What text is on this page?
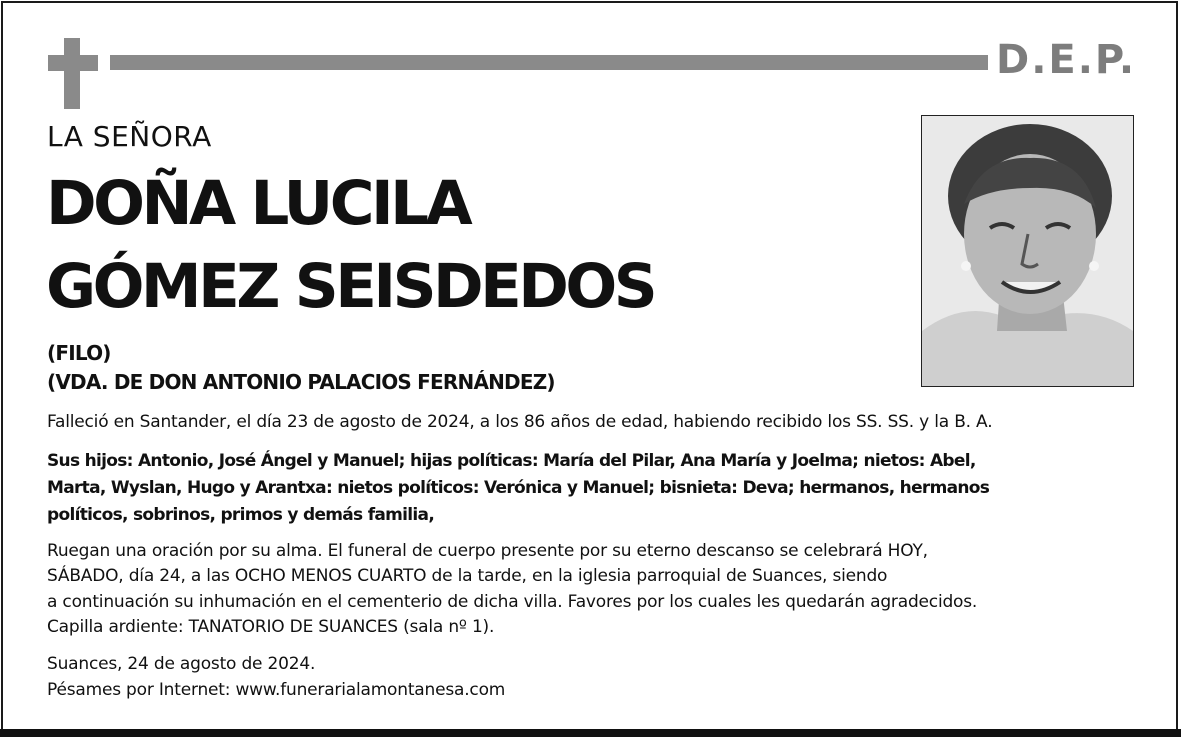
D.E.P.
LA SEÑORA
DOÑA LUCILA
GÓMEZ SEISDEDOS
(FILO)
(VDA. DE DON ANTONIO PALACIOS FERNÁNDEZ)
Falleció en Santander, el día 23 de agosto de 2024, a los 86 años de edad, habiendo recibido los SS. SS. y la B. A.
Sus hijos: Antonio, José Ángel y Manuel; hijas políticas: María del Pilar, Ana María y Joelma; nietos: Abel,
Marta, Wyslan, Hugo y Arantxa: nietos políticos: Verónica y Manuel; bisnieta: Deva; hermanos, hermanos
políticos, sobrinos, primos y demás familia,
Ruegan una oración por su alma. El funeral de cuerpo presente por su eterno descanso se celebrará HOY,
SÁBADO, día 24, a las OCHO MENOS CUARTO de la tarde, en la iglesia parroquial de Suances, siendo
a continuación su inhumación en el cementerio de dicha villa. Favores por los cuales les quedarán agradecidos.
Capilla ardiente: TANATORIO DE SUANCES (sala nº 1).
Suances, 24 de agosto de 2024.
Pésames por Internet: www.funerarialamontanesa.com
